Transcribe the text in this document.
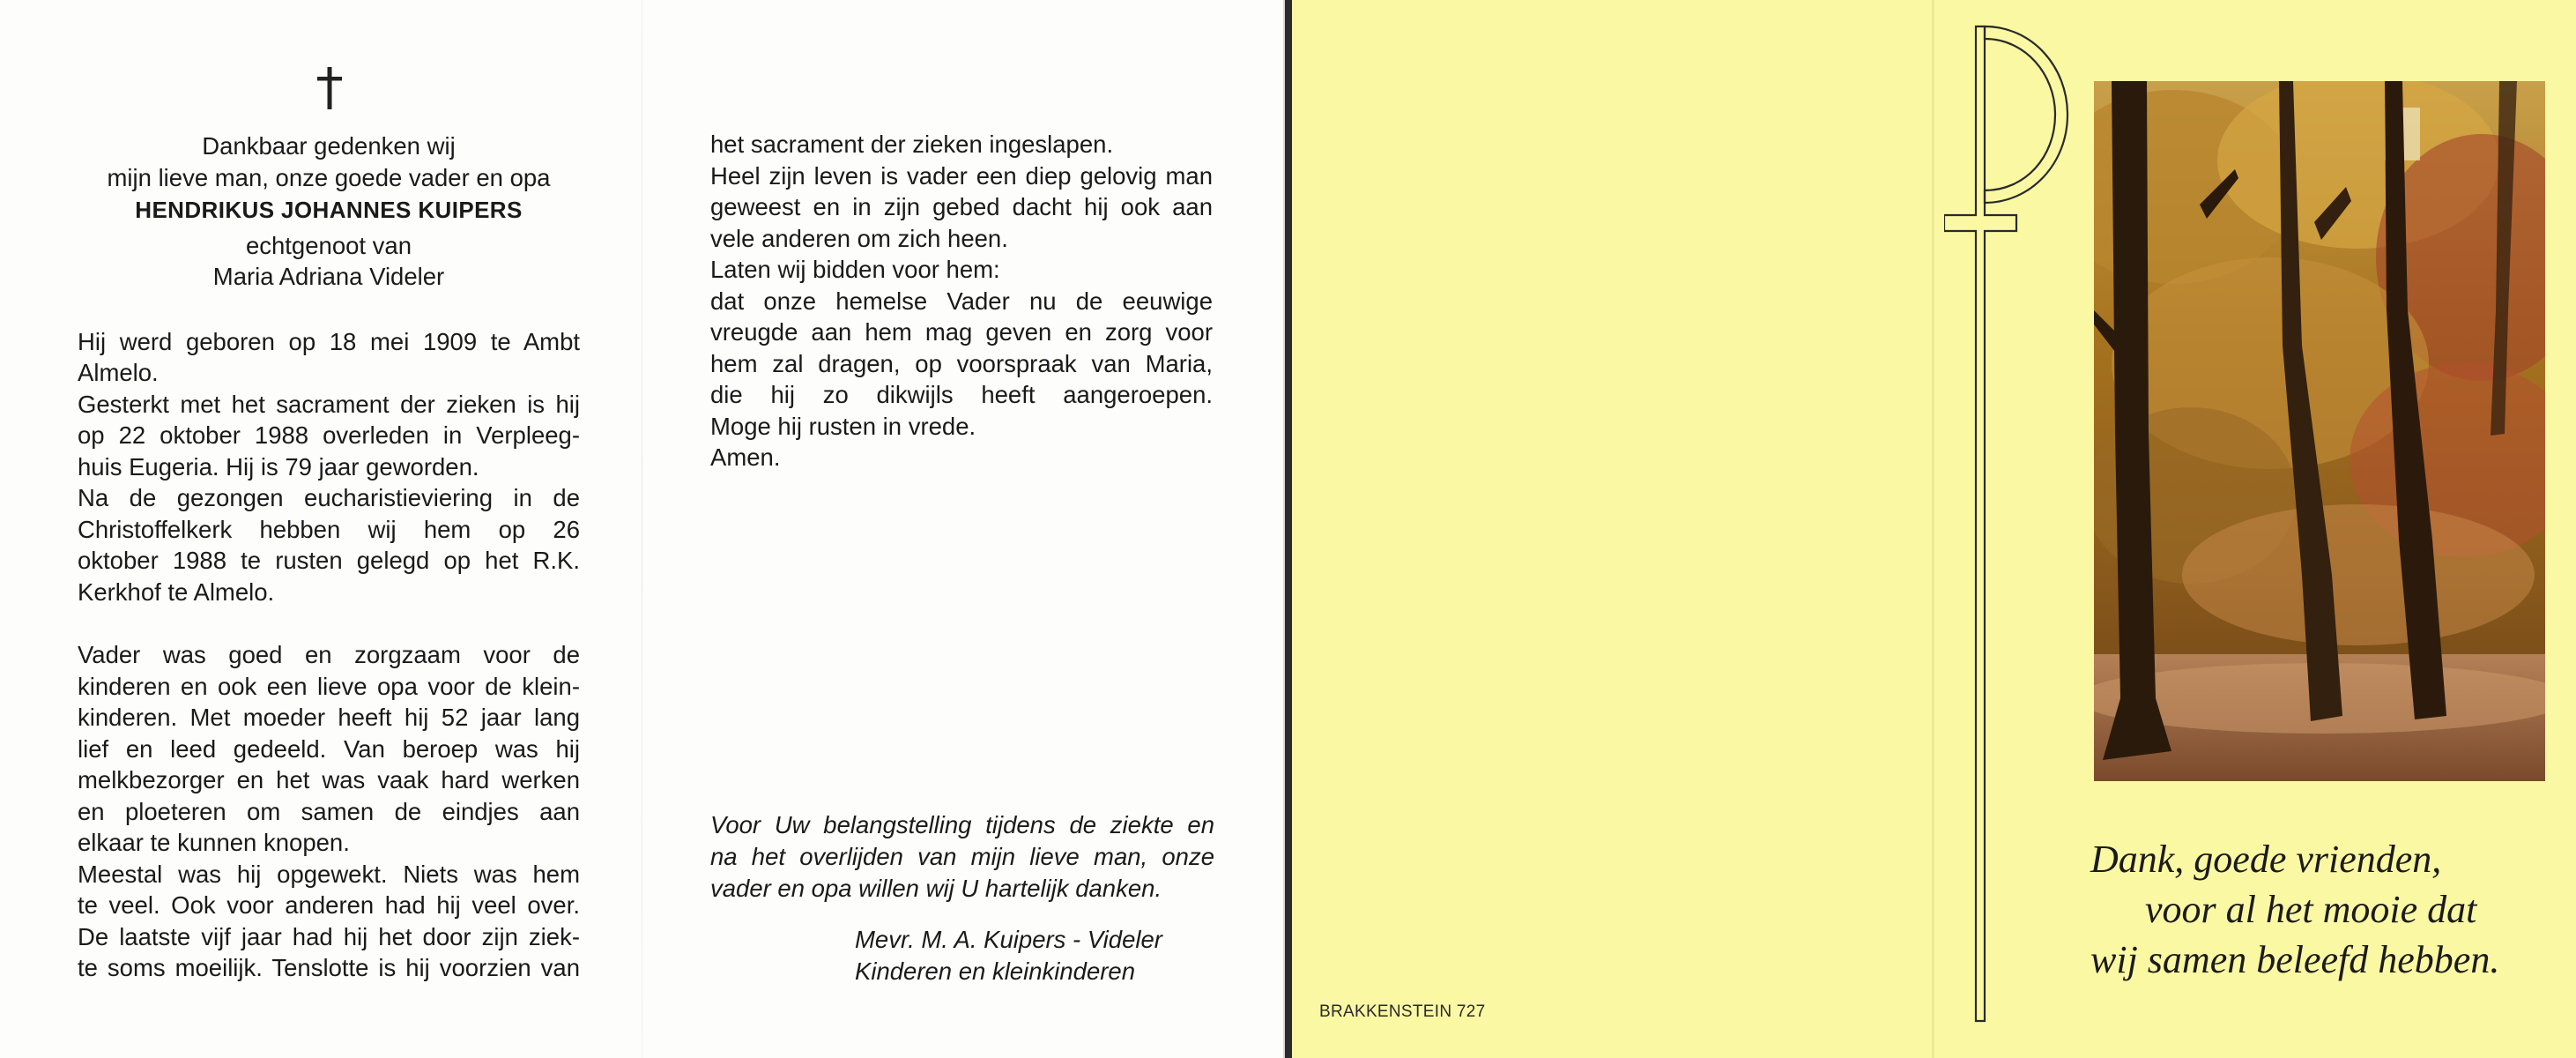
Dankbaar gedenken wij

mijn lieve man, onze goede vader en opa

HENDRIKUS JOHANNES KUIPERS

echtgenoot van

Maria Adriana Videler

Hij werd geboren op 18 mei 1909 te Ambt

Almelo.

Gesterkt met het sacrament der zieken is hij

op 22 oktober 1988 overleden in Verpleeg-

huis Eugeria. Hij is 79 jaar geworden.

Na de gezongen eucharistieviering in de

Christoffelkerk hebben wij hem op 26

oktober 1988 te rusten gelegd op het R.K.

Kerkhof te Almelo.

Vader was goed en zorgzaam voor de

kinderen en ook een lieve opa voor de klein-

kinderen. Met moeder heeft hij 52 jaar lang

lief en leed gedeeld. Van beroep was hij

melkbezorger en het was vaak hard werken

en ploeteren om samen de eindjes aan

elkaar te kunnen knopen.

Meestal was hij opgewekt. Niets was hem

te veel. Ook voor anderen had hij veel over.

De laatste vijf jaar had hij het door zijn ziek-

te soms moeilijk. Tenslotte is hij voorzien van

het sacrament der zieken ingeslapen.

Heel zijn leven is vader een diep gelovig man

geweest en in zijn gebed dacht hij ook aan

vele anderen om zich heen.

Laten wij bidden voor hem:

dat onze hemelse Vader nu de eeuwige

vreugde aan hem mag geven en zorg voor

hem zal dragen, op voorspraak van Maria,

die hij zo dikwijls heeft aangeroepen.

Moge hij rusten in vrede.

Amen.

Voor Uw belangstelling tijdens de ziekte en

na het overlijden van mijn lieve man, onze

vader en opa willen wij U hartelijk danken.

Mevr. M. A. Kuipers - Videler

Kinderen en kleinkinderen

BRAKKENSTEIN 727
Dank, goede vrienden,
voor al het mooie dat
wij samen beleefd hebben.
